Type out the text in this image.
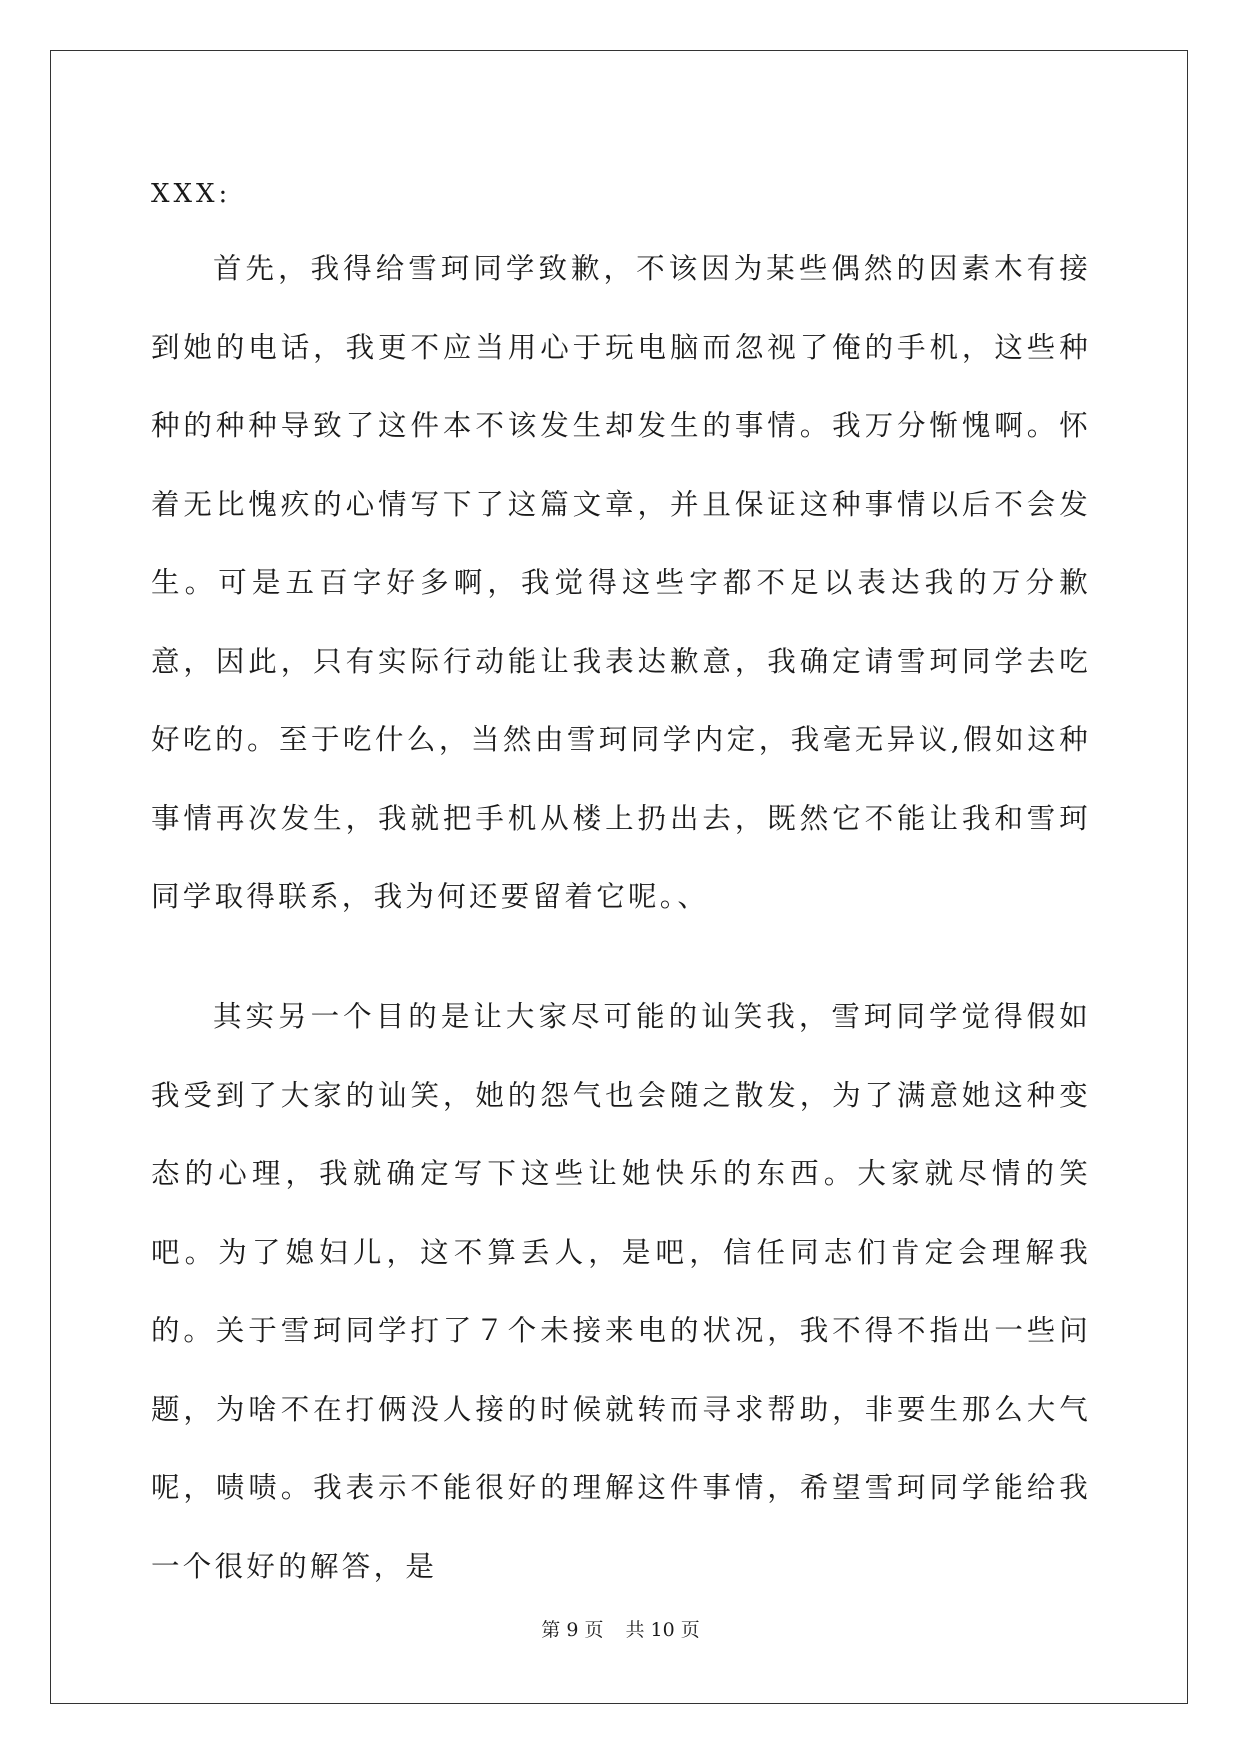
XXX:

首先，我得给雪珂同学致歉，不该因为某些偶然的因素木有接到她的电话，我更不应当用心于玩电脑而忽视了俺的手机，这些种种的种种导致了这件本不该发生却发生的事情。我万分惭愧啊。怀着无比愧疚的心情写下了这篇文章，并且保证这种事情以后不会发生。可是五百字好多啊，我觉得这些字都不足以表达我的万分歉意，因此，只有实际行动能让我表达歉意，我确定请雪珂同学去吃好吃的。至于吃什么，当然由雪珂同学内定，我毫无异议,假如这种事情再次发生，我就把手机从楼上扔出去，既然它不能让我和雪珂同学取得联系，我为何还要留着它呢。、

其实另一个目的是让大家尽可能的讪笑我，雪珂同学觉得假如我受到了大家的讪笑，她的怨气也会随之散发，为了满意她这种变态的心理，我就确定写下这些让她快乐的东西。大家就尽情的笑吧。为了媳妇儿，这不算丢人，是吧，信任同志们肯定会理解我的。关于雪珂同学打了７个未接来电的状况，我不得不指出一些问题，为啥不在打俩没人接的时候就转而寻求帮助，非要生那么大气呢，啧啧。我表示不能很好的理解这件事情，希望雪珂同学能给我一个很好的解答，是

第 9 页 共 10 页
